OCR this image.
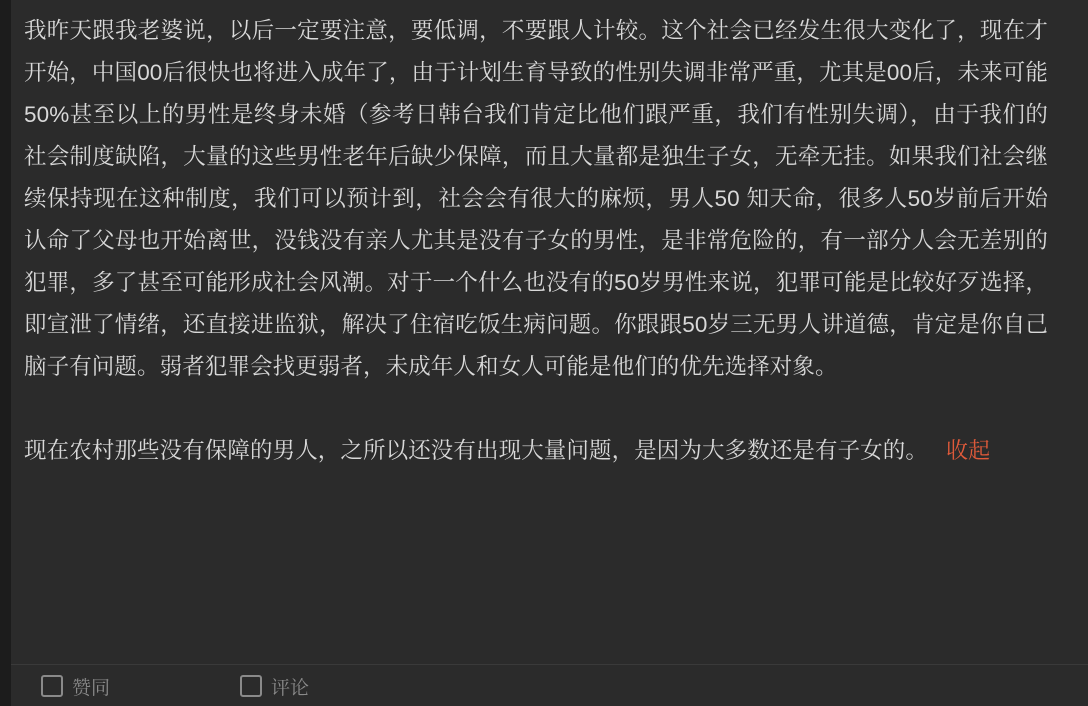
我昨天跟我老婆说，以后一定要注意，要低调，不要跟人计较。这个社会已经发生很大变化了，现在才开始，中国00后很快也将进入成年了，由于计划生育导致的性别失调非常严重，尤其是00后，未来可能50%甚至以上的男性是终身未婚（参考日韩台我们肯定比他们跟严重，我们有性别失调），由于我们的社会制度缺陷，大量的这些男性老年后缺少保障，而且大量都是独生子女，无牵无挂。如果我们社会继续保持现在这种制度，我们可以预计到，社会会有很大的麻烦，男人50 知天命，很多人50岁前后开始认命了父母也开始离世，没钱没有亲人尤其是没有子女的男性，是非常危险的，有一部分人会无差别的犯罪，多了甚至可能形成社会风潮。对于一个什么也没有的50岁男性来说，犯罪可能是比较好歹选择，即宣泄了情绪，还直接进监狱，解决了住宿吃饭生病问题。你跟跟50岁三无男人讲道德，肯定是你自己脑子有问题。弱者犯罪会找更弱者，未成年人和女人可能是他们的优先选择对象。

现在农村那些没有保障的男人，之所以还没有出现大量问题，是因为大多数还是有子女的。 收起

赞同	评论
